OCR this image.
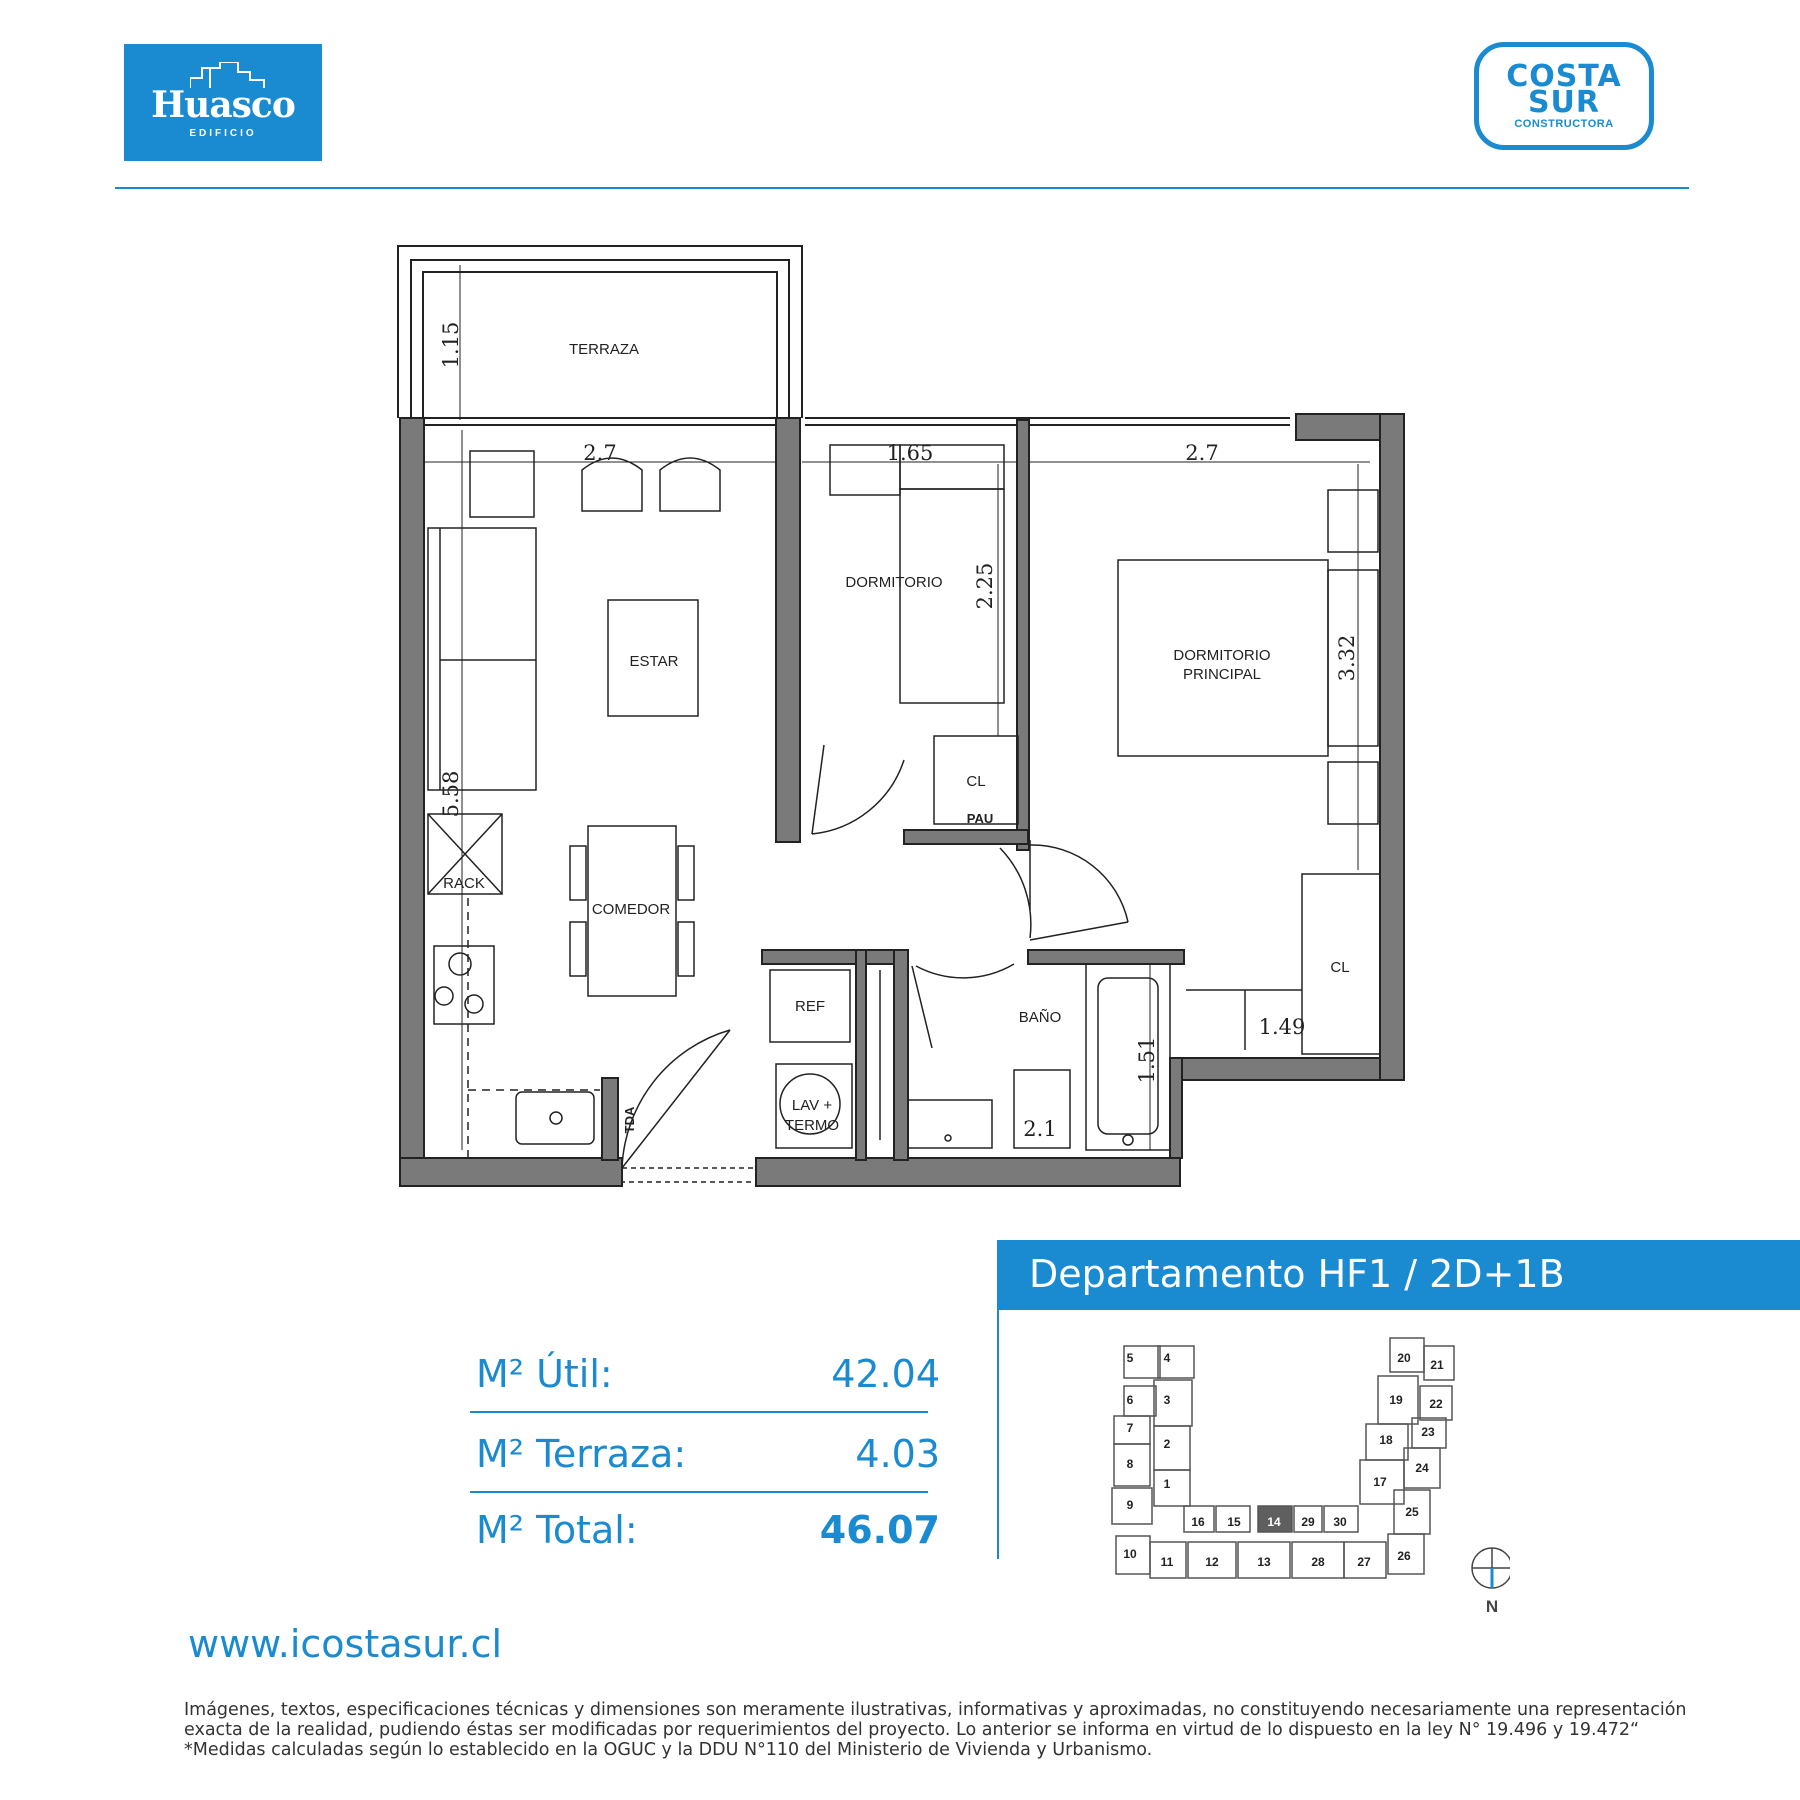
Huasco
EDIFICIO
COSTA
SUR
CONSTRUCTORA
TERRAZA
ESTAR
COMEDOR
RACK
DORMITORIO
DORMITORIO
PRINCIPAL
CL
PAU
CL
REF
LAV +
TERMO
BAÑO
TDA
1.15
2.7	1.65	2.7
2.25
3.32
5.58
1.49
1.51
2.1
M² Útil:	42.04
M² Terraza:	4.03
M² Total:	46.07
Departamento HF1 / 2D+1B
1
2
3
4
5
6
7
8
9
10
11	12	13
14
15
16
17
18
19
20 21
22
23
24
25
26
27
28
29 30
N
www.icostasur.cl
Imágenes, textos, especificaciones técnicas y dimensiones son meramente ilustrativas, informativas y aproximadas, no constituyendo necesariamente una representación exacta de la realidad, pudiendo éstas ser modificadas por requerimientos del proyecto. Lo anterior se informa en virtud de lo dispuesto en la ley N° 19.496 y 19.472“ *Medidas calculadas según lo establecido en la OGUC y la DDU N°110 del Ministerio de Vivienda y Urbanismo.
